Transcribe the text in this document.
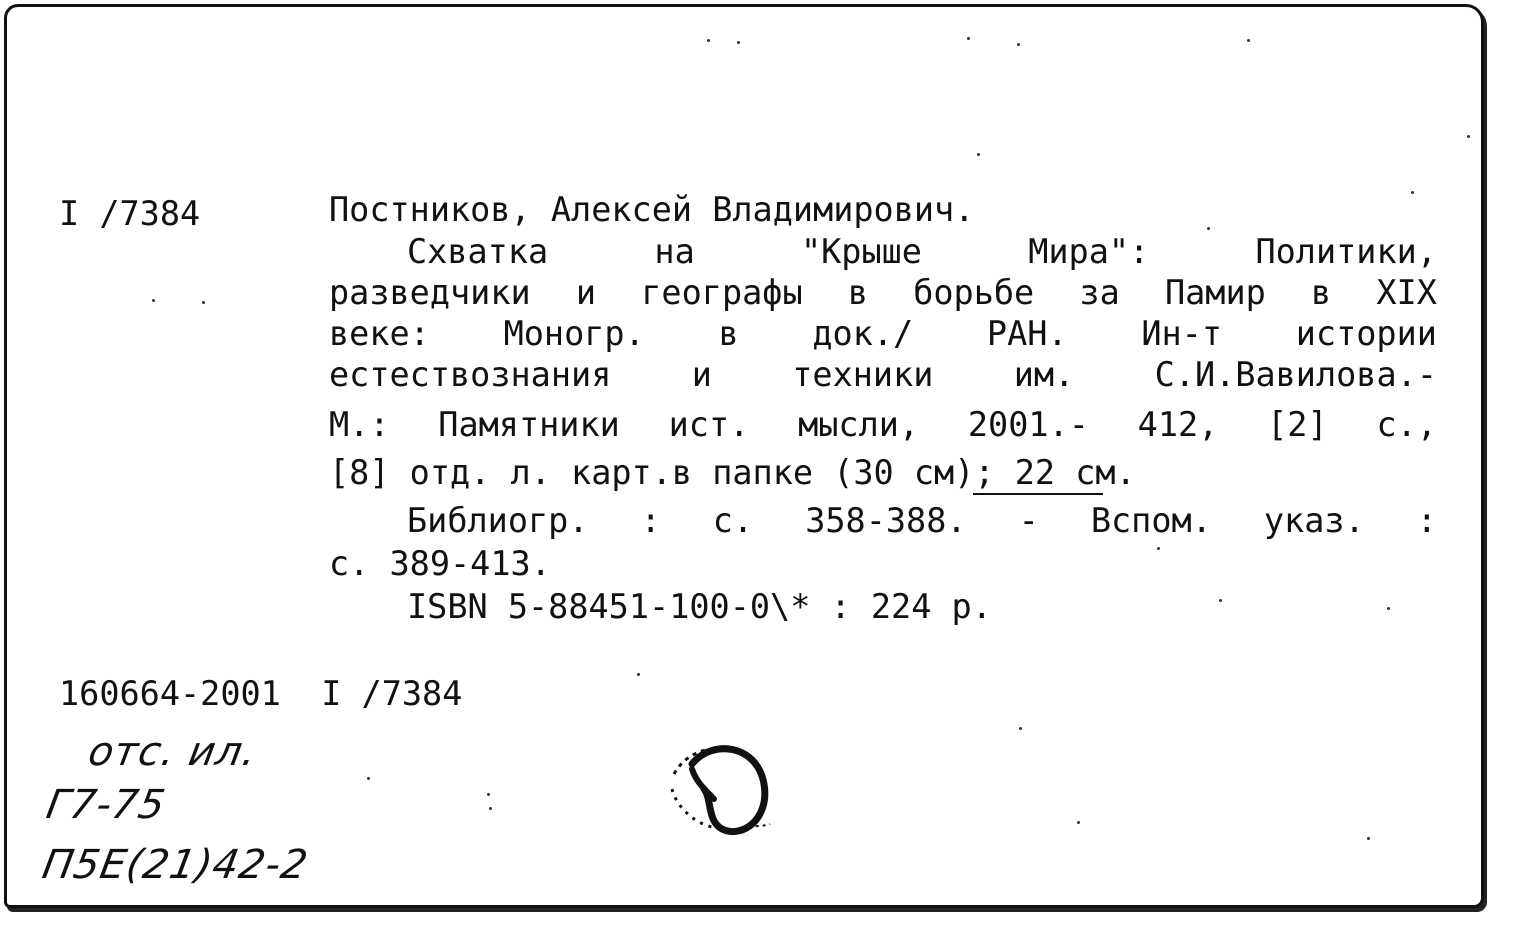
I /7384	Постников, Алексей Владимирович.
Схватка	на	"Крыше	Мира":	Политики,
разведчики и географы в борьбе за Памир в XIX
веке: Моногр. в док./ РАН. Ин-т истории
естествознания и техники им. С.И.Вавилова.-
М.: Памятники ист. мысли, 2001.- 412, [2] с.,
[8] отд. л. карт.в папке (30 см); 22 см.
Библиогр. : с. 358-388. - Вспом. указ. :
с. 389-413.
ISBN 5-88451-100-0\* : 224 р.
160664-2001  I /7384
отс. ил.
Г7-75
П5Е(21)42-2
